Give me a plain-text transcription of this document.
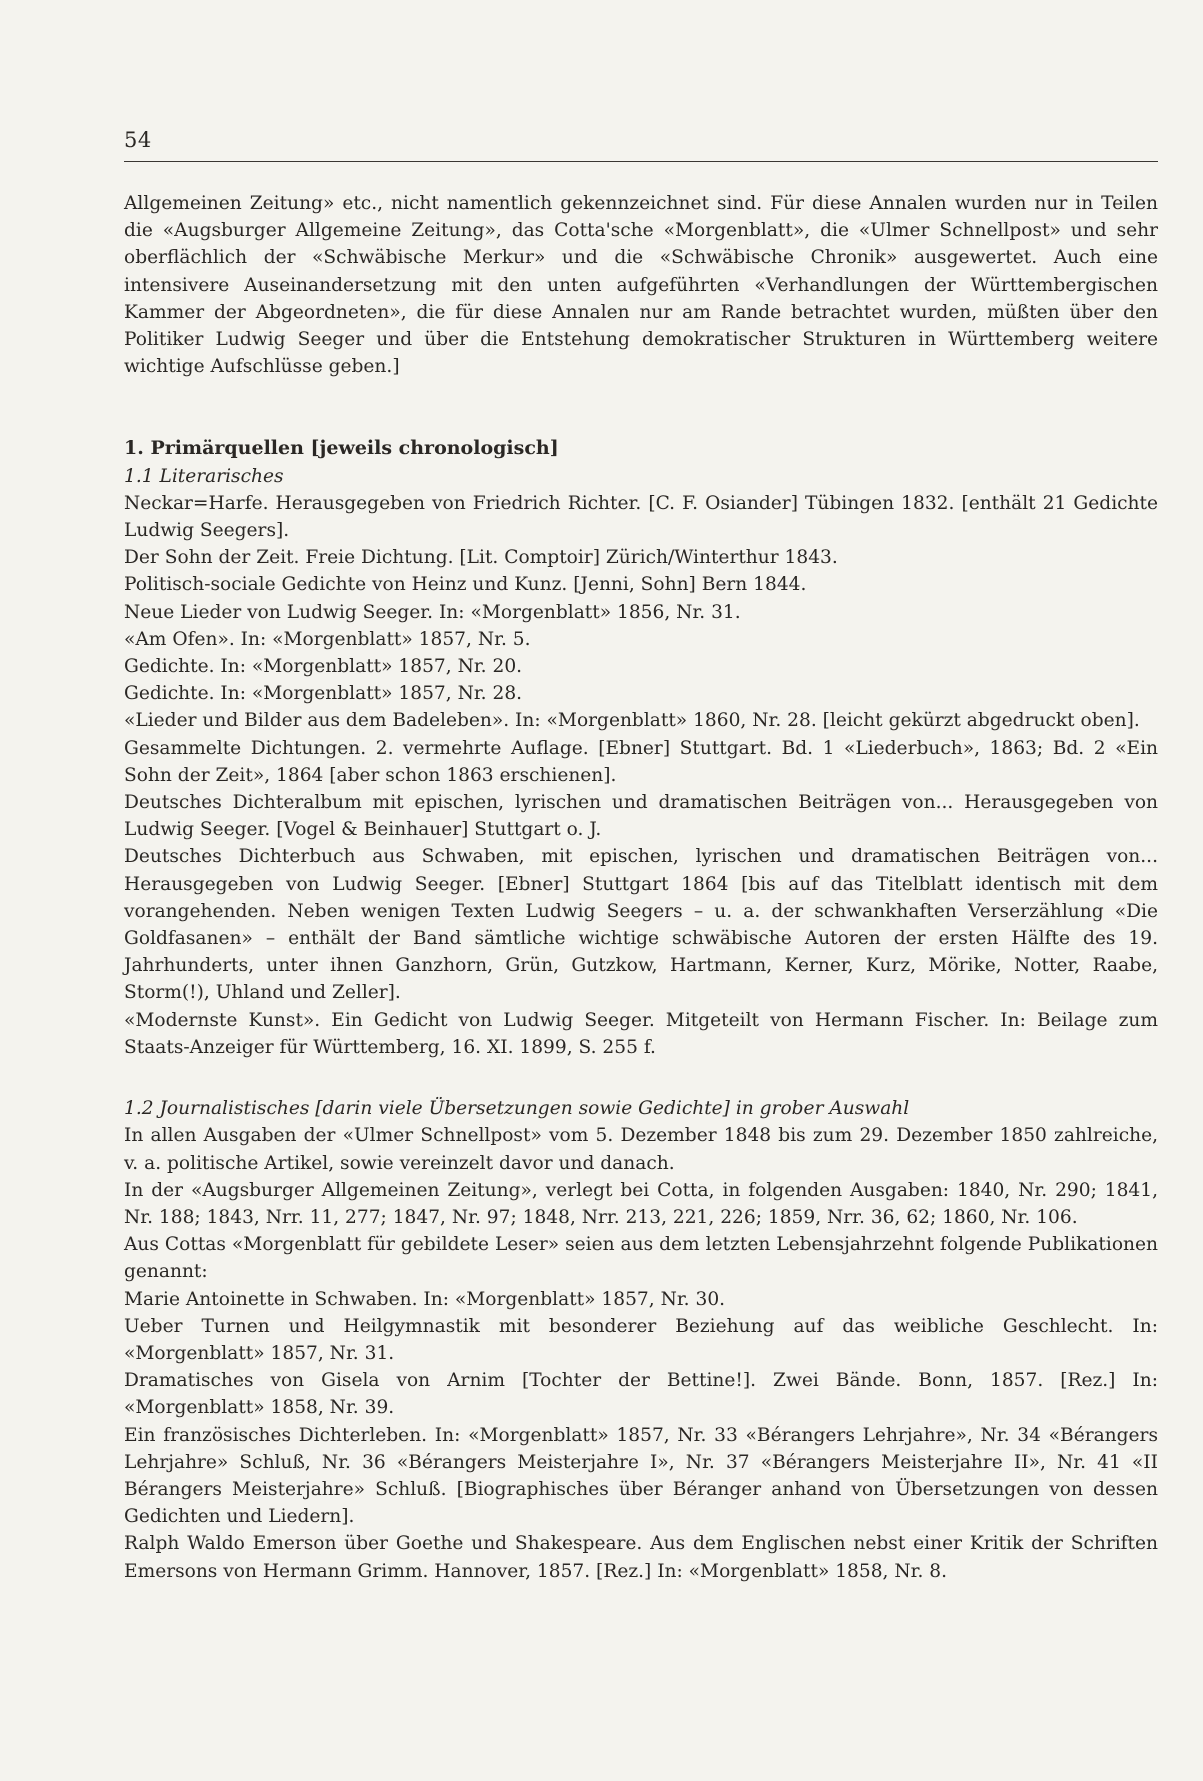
54

Allgemeinen Zeitung» etc., nicht namentlich gekennzeichnet sind. Für diese Annalen wurden nur in Teilen die «Augsburger Allgemeine Zeitung», das Cotta'sche «Morgenblatt», die «Ulmer Schnellpost» und sehr oberflächlich der «Schwäbische Merkur» und die «Schwäbische Chronik» ausgewertet. Auch eine intensivere Auseinandersetzung mit den unten aufgeführten «Verhandlungen der Württembergischen Kammer der Abgeordneten», die für diese Annalen nur am Rande betrachtet wurden, müßten über den Politiker Ludwig Seeger und über die Entstehung demokratischer Strukturen in Württemberg weitere wichtige Aufschlüsse geben.]

1. Primärquellen [jeweils chronologisch]

1.1 Literarisches

Neckar=Harfe. Herausgegeben von Friedrich Richter. [C. F. Osiander] Tübingen 1832. [enthält 21 Gedichte Ludwig Seegers].

Der Sohn der Zeit. Freie Dichtung. [Lit. Comptoir] Zürich/Winterthur 1843.

Politisch-sociale Gedichte von Heinz und Kunz. [Jenni, Sohn] Bern 1844.

Neue Lieder von Ludwig Seeger. In: «Morgenblatt» 1856, Nr. 31.

«Am Ofen». In: «Morgenblatt» 1857, Nr. 5.

Gedichte. In: «Morgenblatt» 1857, Nr. 20.

Gedichte. In: «Morgenblatt» 1857, Nr. 28.

«Lieder und Bilder aus dem Badeleben». In: «Morgenblatt» 1860, Nr. 28. [leicht gekürzt abgedruckt oben].

Gesammelte Dichtungen. 2. vermehrte Auflage. [Ebner] Stuttgart. Bd. 1 «Liederbuch», 1863; Bd. 2 «Ein Sohn der Zeit», 1864 [aber schon 1863 erschienen].

Deutsches Dichteralbum mit epischen, lyrischen und dramatischen Beiträgen von... Herausgegeben von Ludwig Seeger. [Vogel & Beinhauer] Stuttgart o. J.

Deutsches Dichterbuch aus Schwaben, mit epischen, lyrischen und dramatischen Beiträgen von... Herausgegeben von Ludwig Seeger. [Ebner] Stuttgart 1864 [bis auf das Titelblatt identisch mit dem vorangehenden. Neben wenigen Texten Ludwig Seegers – u. a. der schwankhaften Verserzählung «Die Goldfasanen» – enthält der Band sämtliche wichtige schwäbische Autoren der ersten Hälfte des 19. Jahrhunderts, unter ihnen Ganzhorn, Grün, Gutzkow, Hartmann, Kerner, Kurz, Mörike, Notter, Raabe, Storm(!), Uhland und Zeller].

«Modernste Kunst». Ein Gedicht von Ludwig Seeger. Mitgeteilt von Hermann Fischer. In: Beilage zum Staats-Anzeiger für Württemberg, 16. XI. 1899, S. 255 f.

1.2 Journalistisches [darin viele Übersetzungen sowie Gedichte] in grober Auswahl

In allen Ausgaben der «Ulmer Schnellpost» vom 5. Dezember 1848 bis zum 29. Dezember 1850 zahlreiche, v. a. politische Artikel, sowie vereinzelt davor und danach.

In der «Augsburger Allgemeinen Zeitung», verlegt bei Cotta, in folgenden Ausgaben: 1840, Nr. 290; 1841, Nr. 188; 1843, Nrr. 11, 277; 1847, Nr. 97; 1848, Nrr. 213, 221, 226; 1859, Nrr. 36, 62; 1860, Nr. 106.

Aus Cottas «Morgenblatt für gebildete Leser» seien aus dem letzten Lebensjahrzehnt folgende Publikationen genannt:

Marie Antoinette in Schwaben. In: «Morgenblatt» 1857, Nr. 30.

Ueber Turnen und Heilgymnastik mit besonderer Beziehung auf das weibliche Geschlecht. In: «Morgenblatt» 1857, Nr. 31.

Dramatisches von Gisela von Arnim [Tochter der Bettine!]. Zwei Bände. Bonn, 1857. [Rez.] In: «Morgenblatt» 1858, Nr. 39.

Ein französisches Dichterleben. In: «Morgenblatt» 1857, Nr. 33 «Bérangers Lehrjahre», Nr. 34 «Bérangers Lehrjahre» Schluß, Nr. 36 «Bérangers Meisterjahre I», Nr. 37 «Bérangers Meisterjahre II», Nr. 41 «II Bérangers Meisterjahre» Schluß. [Biographisches über Béranger anhand von Übersetzungen von dessen Gedichten und Liedern].

Ralph Waldo Emerson über Goethe und Shakespeare. Aus dem Englischen nebst einer Kritik der Schriften Emersons von Hermann Grimm. Hannover, 1857. [Rez.] In: «Morgenblatt» 1858, Nr. 8.
